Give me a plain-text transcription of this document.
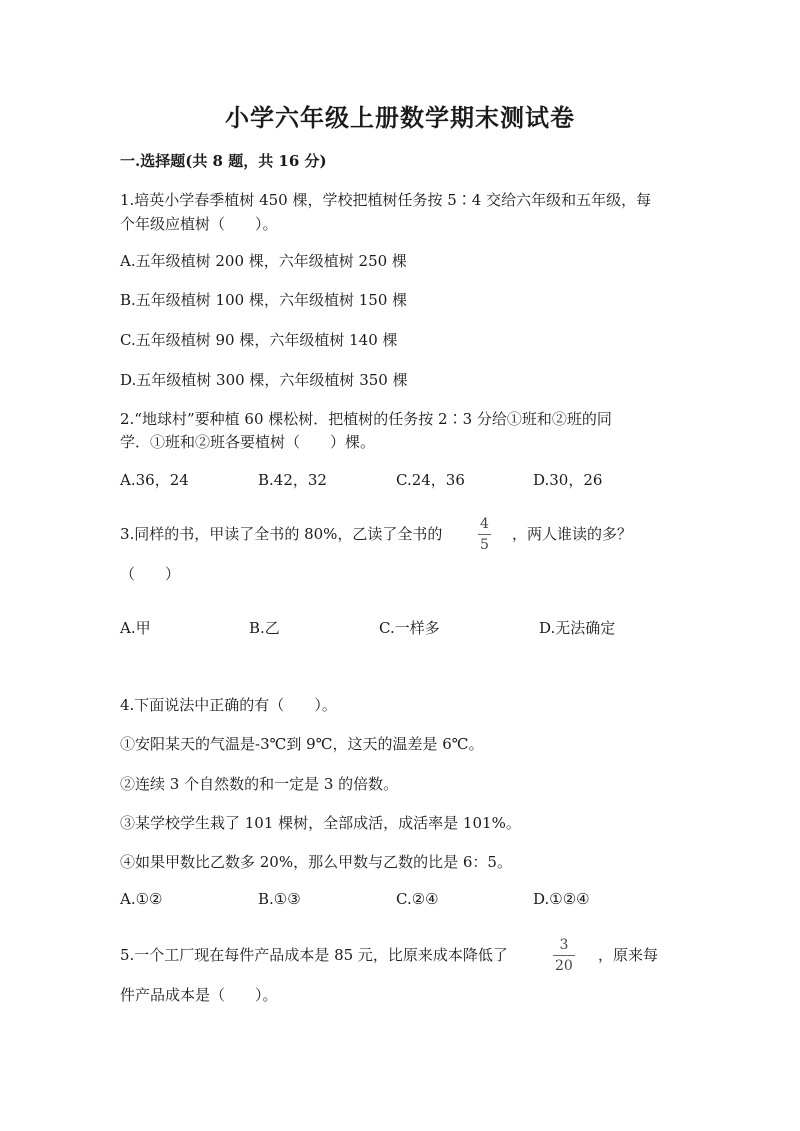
小学六年级上册数学期末测试卷
一.选择题(共 8 题，共 16 分)
1.培英小学春季植树 450 棵，学校把植树任务按 5∶4 交给六年级和五年级，每
个年级应植树（　　）。
A.五年级植树 200 棵，六年级植树 250 棵
B.五年级植树 100 棵，六年级植树 150 棵
C.五年级植树 90 棵，六年级植树 140 棵
D.五年级植树 300 棵，六年级植树 350 棵
2.“地球村”要种植 60 棵松树．把植树的任务按 2∶3 分给①班和②班的同
学．①班和②班各要植树（　　）棵。
A.36，24	B.42，32	C.24，36	D.30，26
3.同样的书，甲读了全书的 80%，乙读了全书的
4
5
，两人谁读的多？
（　　）
A.甲	B.乙	C.一样多	D.无法确定
4.下面说法中正确的有（　　）。
①安阳某天的气温是-3℃到 9℃，这天的温差是 6℃。
②连续 3 个自然数的和一定是 3 的倍数。
③某学校学生栽了 101 棵树，全部成活，成活率是 101%。
④如果甲数比乙数多 20%，那么甲数与乙数的比是 6：5。
A.①②	B.①③	C.②④	D.①②④
5.一个工厂现在每件产品成本是 85 元，比原来成本降低了
3
20
，原来每
件产品成本是（　　）。
